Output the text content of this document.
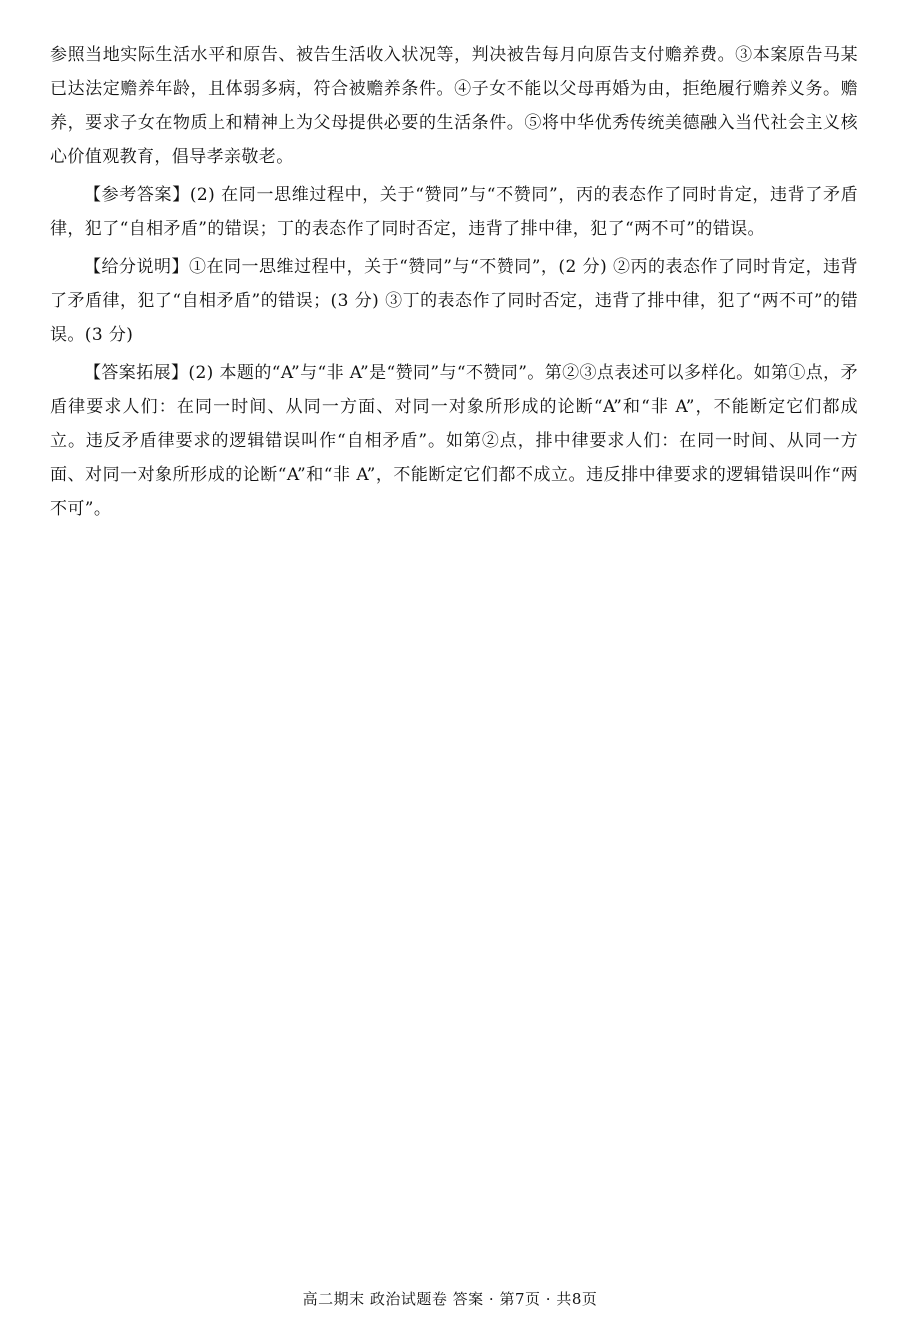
参照当地实际生活水平和原告、被告生活收入状况等，判决被告每月向原告支付赡养费。③本案原告马某已达法定赡养年龄，且体弱多病，符合被赡养条件。④子女不能以父母再婚为由，拒绝履行赡养义务。赡养，要求子女在物质上和精神上为父母提供必要的生活条件。⑤将中华优秀传统美德融入当代社会主义核心价值观教育，倡导孝亲敬老。

【参考答案】(2) 在同一思维过程中，关于“赞同”与“不赞同”，丙的表态作了同时肯定，违背了矛盾律，犯了“自相矛盾”的错误；丁的表态作了同时否定，违背了排中律，犯了“两不可”的错误。

【给分说明】①在同一思维过程中，关于“赞同”与“不赞同”，(2 分) ②丙的表态作了同时肯定，违背了矛盾律，犯了“自相矛盾”的错误；(3 分) ③丁的表态作了同时否定，违背了排中律，犯了“两不可”的错误。(3 分)

【答案拓展】(2) 本题的“A”与“非 A”是“赞同”与“不赞同”。第②③点表述可以多样化。如第①点，矛盾律要求人们：在同一时间、从同一方面、对同一对象所形成的论断“A”和“非 A”，不能断定它们都成立。违反矛盾律要求的逻辑错误叫作“自相矛盾”。如第②点，排中律要求人们：在同一时间、从同一方面、对同一对象所形成的论断“A”和“非 A”，不能断定它们都不成立。违反排中律要求的逻辑错误叫作“两不可”。

高二期末 政治试题卷 答案 · 第7页 · 共8页
